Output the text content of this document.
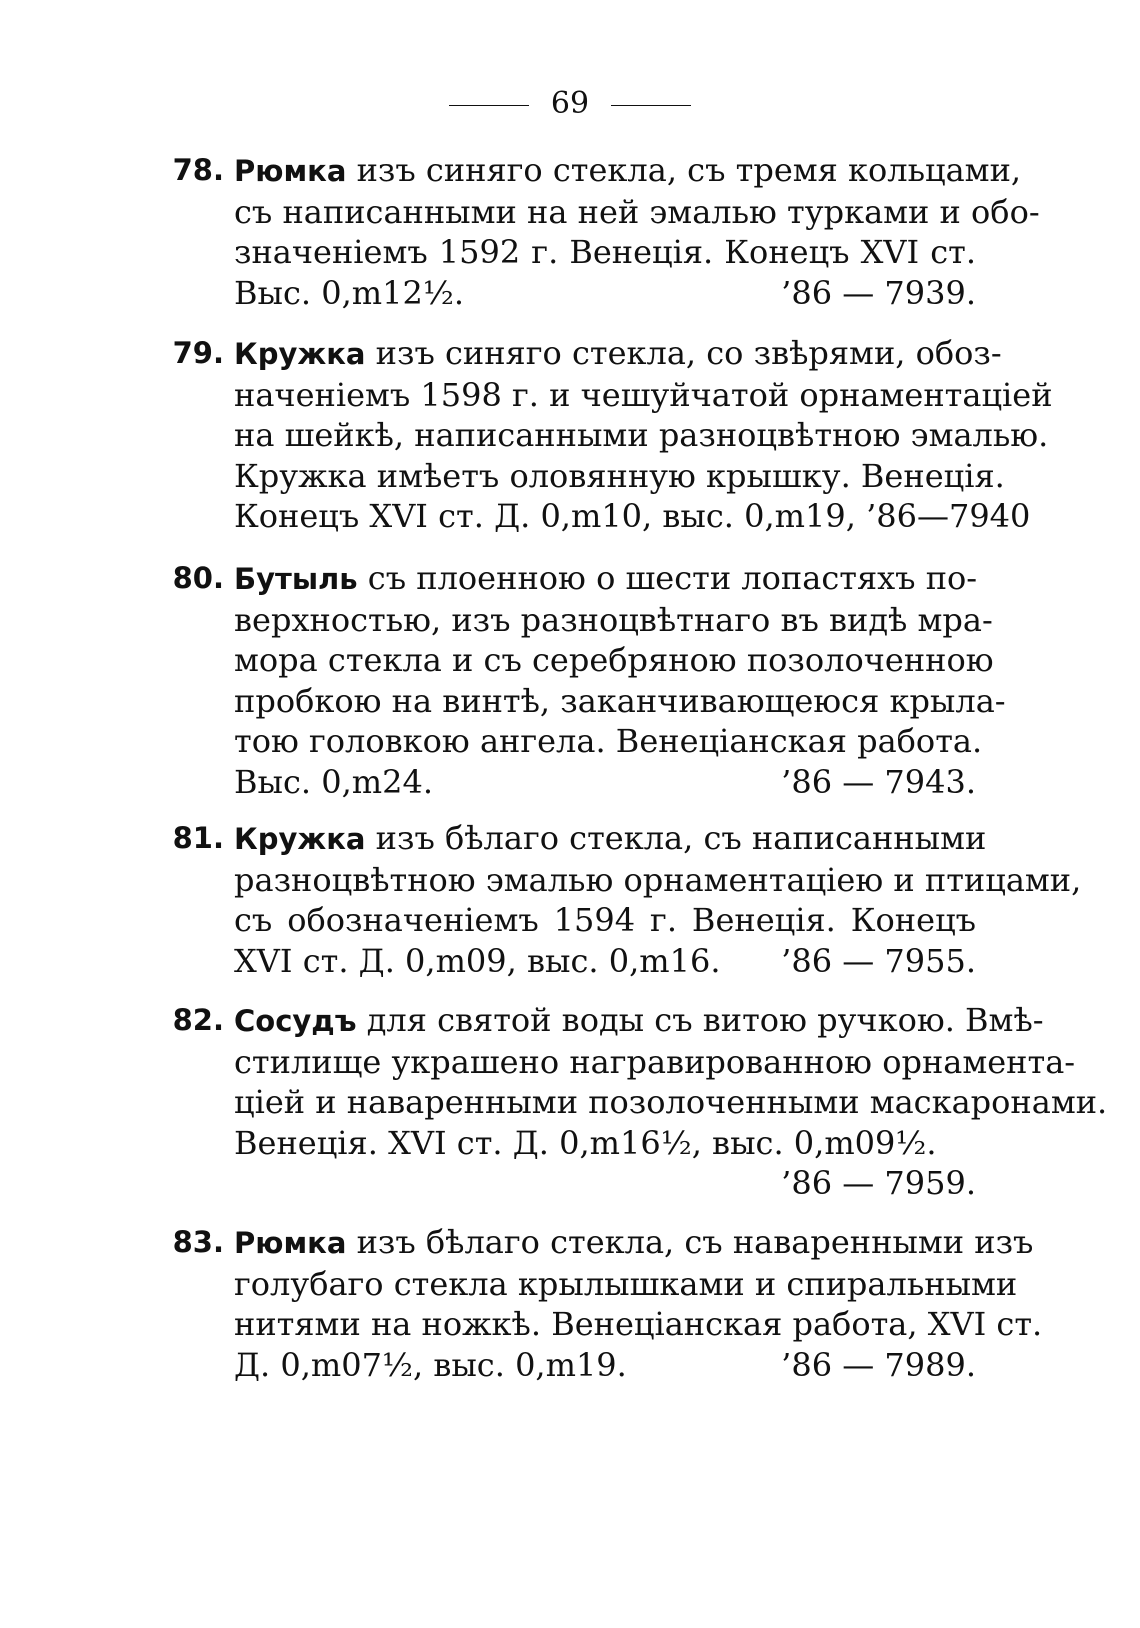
69
78. Рюмка изъ синяго стекла, съ тремя кольцами,
съ написанными на ней эмалью турками и обо-
значеніемъ 1592 г. Венеція. Конецъ XVI ст.
Выс. 0,m12½.	’86 — 7939.
79. Кружка изъ синяго стекла, со звѣрями, обоз-
наченіемъ 1598 г. и чешуйчатой орнаментаціей
на шейкѣ, написанными разноцвѣтною эмалью.
Кружка имѣетъ оловянную крышку. Венеція.
Конецъ XVI ст. Д. 0,m10, выс. 0,m19, ’86—7940
80. Бутыль съ плоенною о шести лопастяхъ по-
верхностью, изъ разноцвѣтнаго въ видѣ мра-
мора стекла и съ серебряною позолоченною
пробкою на винтѣ, заканчивающеюся крыла-
тою головкою ангела. Венеціанская работа.
Выс. 0,m24.	’86 — 7943.
81. Кружка изъ бѣлаго стекла, съ написанными
разноцвѣтною эмалью орнаментаціею и птицами,
съ обозначеніемъ 1594 г. Венеція. Конецъ
XVI ст. Д. 0,m09, выс. 0,m16. ’86 — 7955.
82. Сосудъ для святой воды съ витою ручкою. Вмѣ-
стилище украшено награвированною орнамента-
ціей и наваренными позолоченными маскаронами.
Венеція. XVI ст. Д. 0,m16½, выс. 0,m09½.
’86 — 7959.
83. Рюмка изъ бѣлаго стекла, съ наваренными изъ
голубаго стекла крылышками и спиральными
нитями на ножкѣ. Венеціанская работа, XVI ст.
Д. 0,m07½, выс. 0,m19.	’86 — 7989.
